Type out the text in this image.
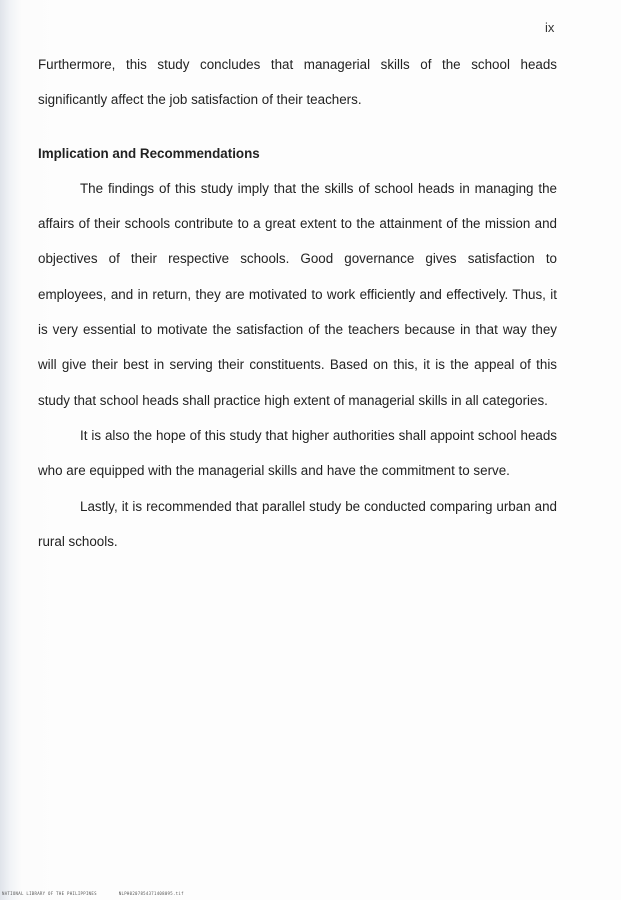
ix

Furthermore, this study concludes that managerial skills of the school heads significantly affect the job satisfaction of their teachers.

Implication and Recommendations

The findings of this study imply that the skills of school heads in managing the affairs of their schools contribute to a great extent to the attainment of the mission and objectives of their respective schools. Good governance gives satisfaction to employees, and in return, they are motivated to work efficiently and effectively. Thus, it is very essential to motivate the satisfaction of the teachers because in that way they will give their best in serving their constituents. Based on this, it is the appeal of this study that school heads shall practice high extent of managerial skills in all categories.

It is also the hope of this study that higher authorities shall appoint school heads who are equipped with the managerial skills and have the commitment to serve.

Lastly, it is recommended that parallel study be conducted comparing urban and rural schools.

NATIONAL LIBRARY OF THE PHILIPPINES	NLPH0207854371408095.tif
